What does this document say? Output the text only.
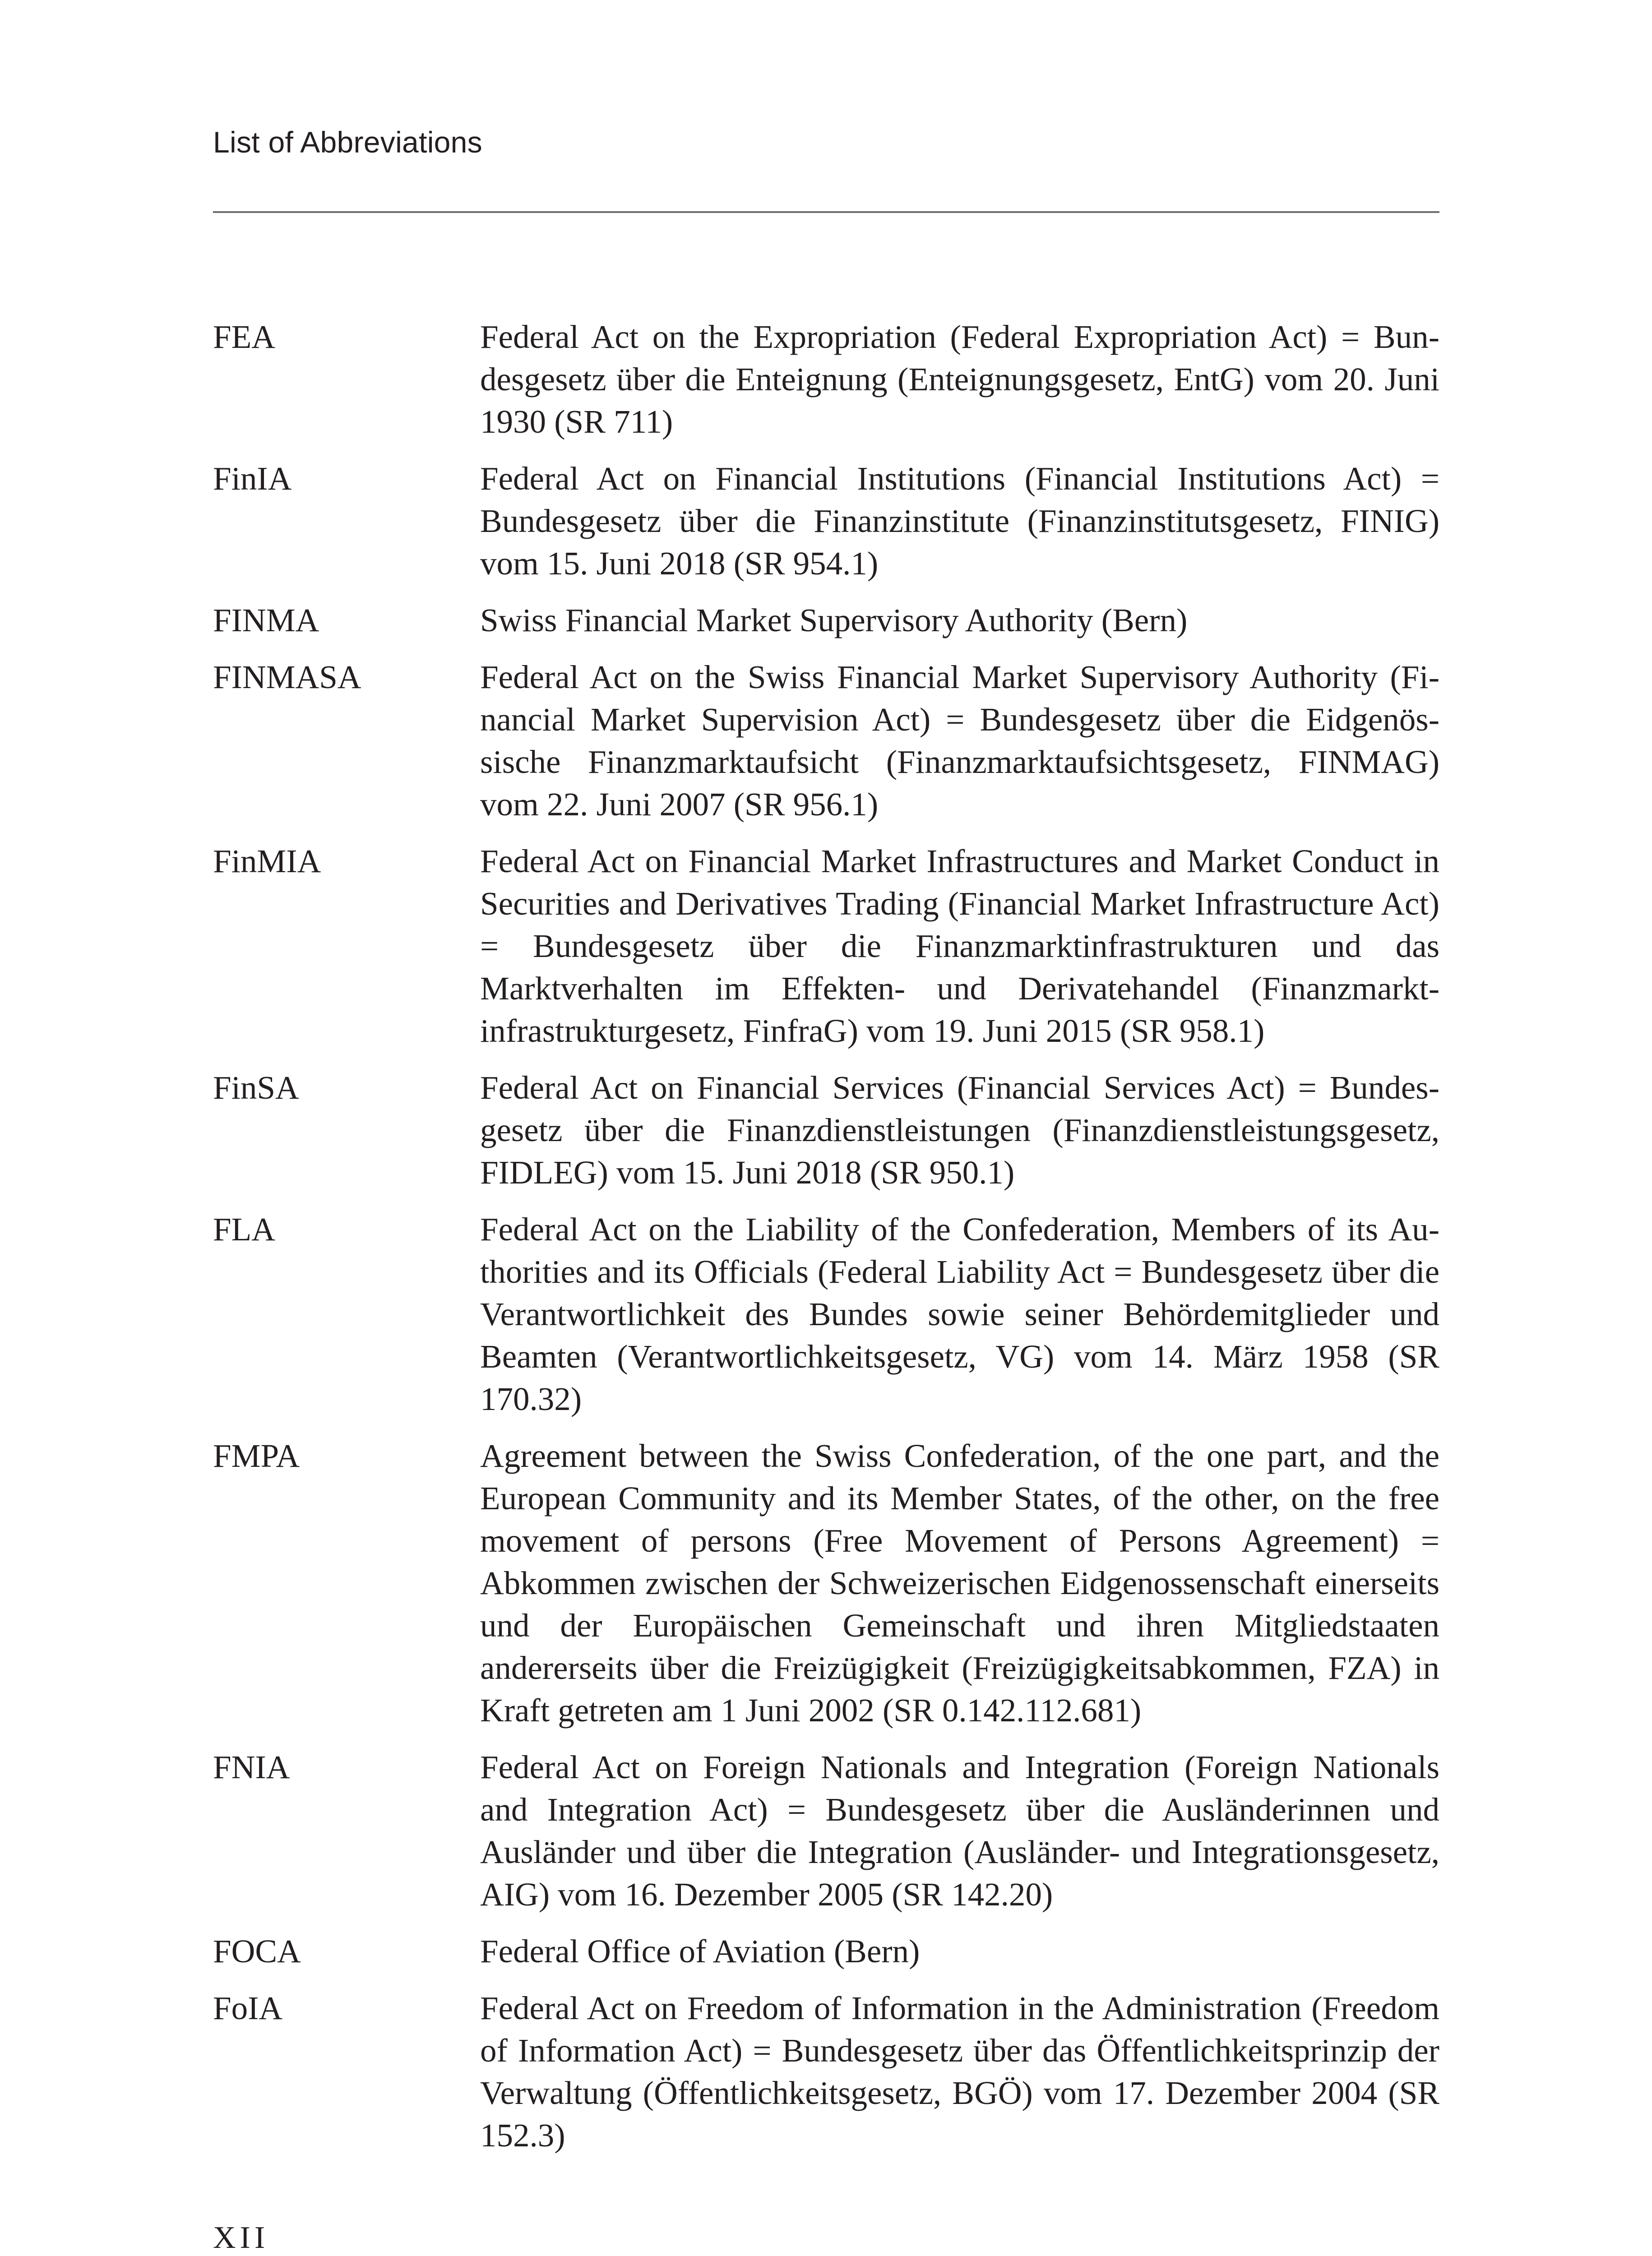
List of Abbreviations
FEA	Federal Act on the Expropriation (Federal Expropriation Act) = Bundesgesetz über die Enteignung (Enteignungsgesetz, EntG) vom 20. Juni 1930 (SR 711)
FinIA	Federal Act on Financial Institutions (Financial Institutions Act) = Bundesgesetz über die Finanzinstitute (Finanzinstitutsgesetz, FINIG) vom 15. Juni 2018 (SR 954.1)
FINMA	Swiss Financial Market Supervisory Authority (Bern)
FINMASA	Federal Act on the Swiss Financial Market Supervisory Authority (Financial Market Supervision Act) = Bundesgesetz über die Eidgenössische Finanzmarktaufsicht (Finanzmarktaufsichtsgesetz, FINMAG) vom 22. Juni 2007 (SR 956.1)
FinMIA	Federal Act on Financial Market Infrastructures and Market Conduct in Securities and Derivatives Trading (Financial Market Infrastructure Act) = Bundesgesetz über die Finanzmarktinfrastrukturen und das Marktverhalten im Effekten- und Derivatehandel (Finanzmarktinfrastrukturgesetz, FinfraG) vom 19. Juni 2015 (SR 958.1)
FinSA	Federal Act on Financial Services (Financial Services Act) = Bundesgesetz über die Finanzdienstleistungen (Finanzdienstleistungsgesetz, FIDLEG) vom 15. Juni 2018 (SR 950.1)
FLA	Federal Act on the Liability of the Confederation, Members of its Authorities and its Officials (Federal Liability Act = Bundesgesetz über die Verantwortlichkeit des Bundes sowie seiner Behördemitglieder und Beamten (Verantwortlichkeitsgesetz, VG) vom 14. März 1958 (SR 170.32)
FMPA	Agreement between the Swiss Confederation, of the one part, and the European Community and its Member States, of the other, on the free movement of persons (Free Movement of Persons Agreement) = Abkommen zwischen der Schweizerischen Eidgenossenschaft einerseits und der Europäischen Gemeinschaft und ihren Mitgliedstaaten andererseits über die Freizügigkeit (Freizügigkeitsabkommen, FZA) in Kraft getreten am 1 Juni 2002 (SR 0.142.112.681)
FNIA	Federal Act on Foreign Nationals and Integration (Foreign Nationals and Integration Act) = Bundesgesetz über die Ausländerinnen und Ausländer und über die Integration (Ausländer- und Integrationsgesetz, AIG) vom 16. Dezember 2005 (SR 142.20)
FOCA	Federal Office of Aviation (Bern)
FoIA	Federal Act on Freedom of Information in the Administration (Freedom of Information Act) = Bundesgesetz über das Öffentlichkeitsprinzip der Verwaltung (Öffentlichkeitsgesetz, BGÖ) vom 17. Dezember 2004 (SR 152.3)
XII
